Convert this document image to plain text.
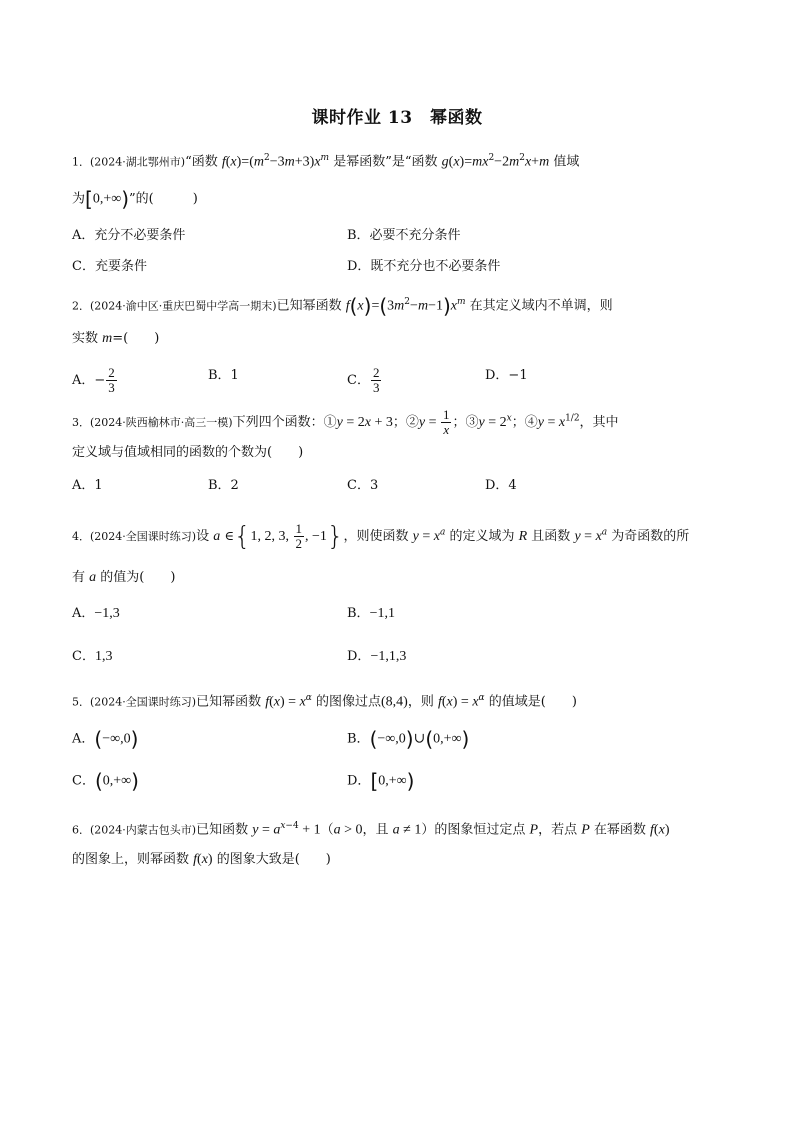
课时作业 13　幂函数
1．(2024·湖北鄂州市)“函数 $f(x)=(m^2-3m+3)x^m$ 是幂函数”是“函数 $g(x)=mx^2-2m^2x+m$ 值域
为[0,+∞)”的(　　　)
A．充分不必要条件	B．必要不充分条件
C．充要条件	D．既不充分也不必要条件
2．(2024·渝中区·重庆巴蜀中学高一期末)已知幂函数 $f(x)=(3m^2-m-1)x^m$ 在其定义域内不单调，则
实数 m=(　　)
A．− $\frac{2}{3}$	B．1	C． $\frac{2}{3}$	D．−1
3．(2024·陕西榆林市·高三一模)下列四个函数：①y = 2x + 3；②y = $\frac{1}{x}$ ；③y = $2^x$；④y = $x^{1/2}$，其中
定义域与值域相同的函数的个数为(　　)
A．1	B．2	C．3	D．4
4．(2024·全国课时练习)设 a ∈{1, 2, 3, $\frac{1}{2}$ , −1}，则使函数 $y = x^a$ 的定义域为 R 且函数 $y = x^a$ 为奇函数的所
有 a 的值为(　　)
A．−1,3	B．−1,1
C．1,3	D．−1,1,3
5．(2024·全国课时练习)已知幂函数 $f(x) = x^\alpha$ 的图像过点(8,4)，则 $f(x) = x^\alpha$ 的值域是(　　)
A．(−∞,0)	B．(−∞,0)∪(0,+∞)
C．(0,+∞)	D．[0,+∞)
6．(2024·内蒙古包头市)已知函数 $y = a^{x-4} + 1(a > 0$，且 a ≠ 1）的图象恒过定点 P，若点 P 在幂函数 f(x)
的图象上，则幂函数 f(x) 的图象大致是(　　)
